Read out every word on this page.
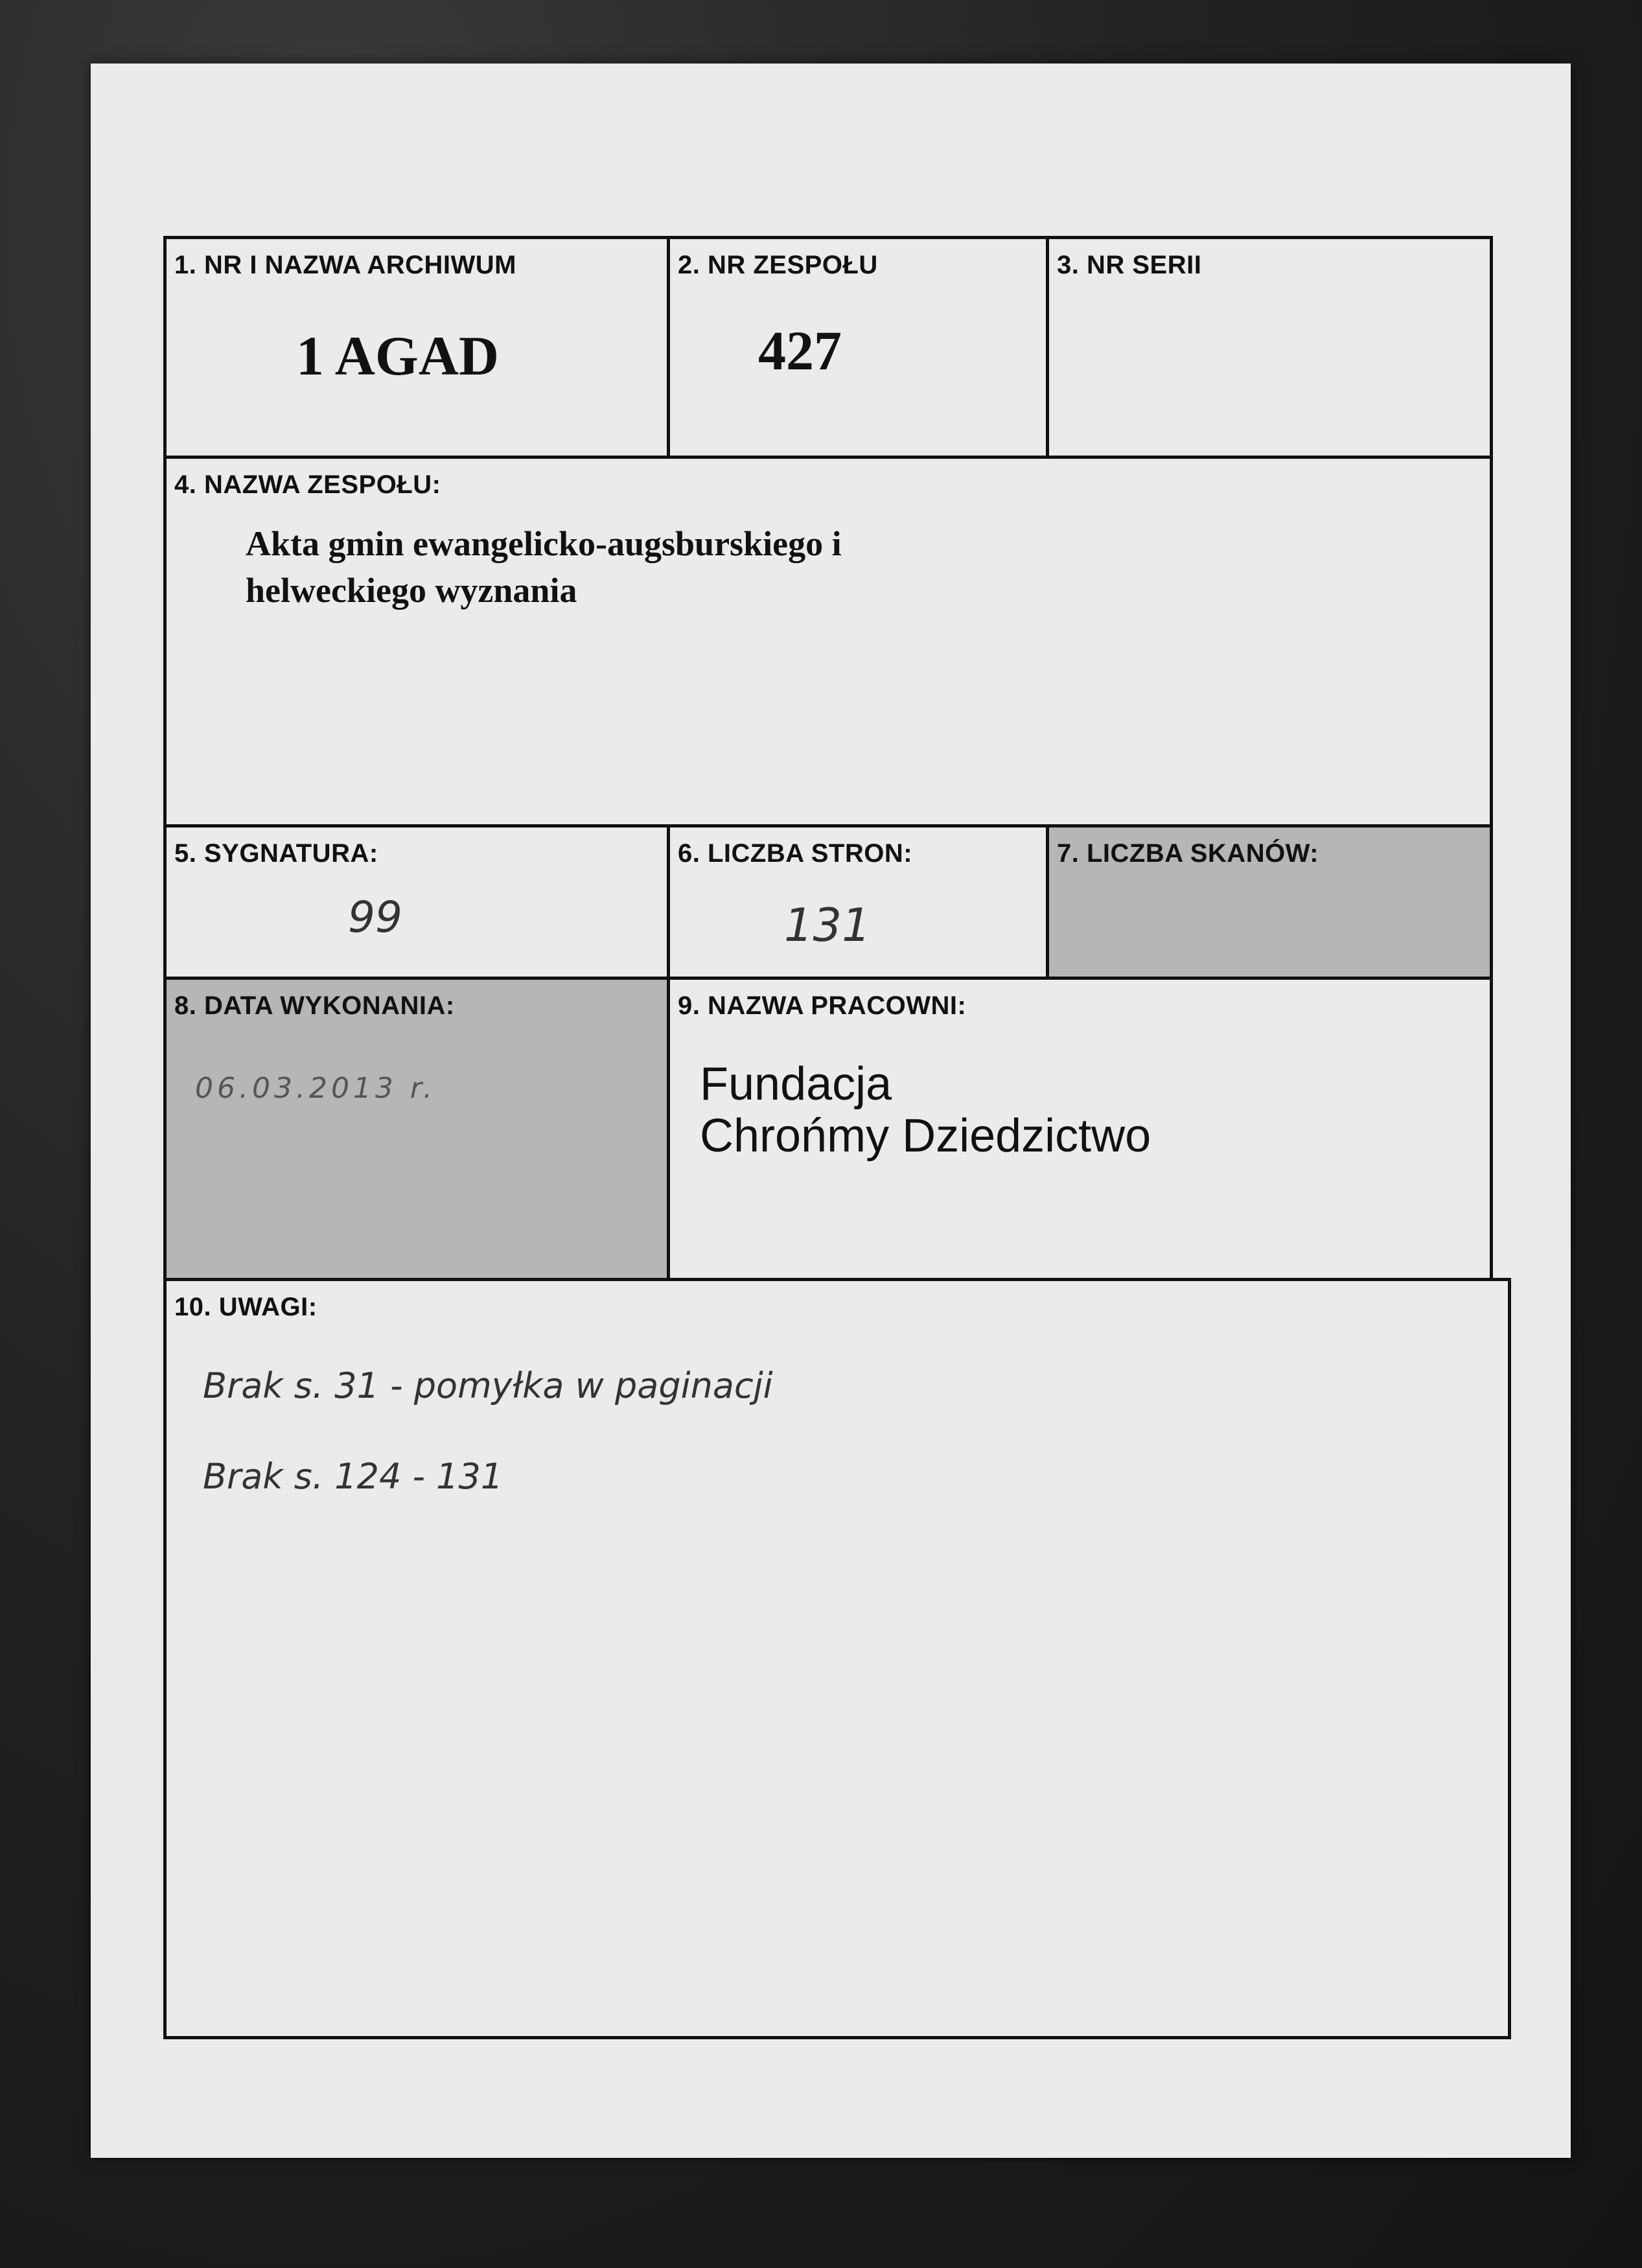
1. NR I NAZWA ARCHIWUM
1 AGAD
2. NR ZESPOŁU
427
3. NR SERII
4. NAZWA ZESPOŁU:
Akta gmin ewangelicko-augsburskiego i
helweckiego wyznania
5. SYGNATURA:
99
6. LICZBA STRON:
131
7. LICZBA SKANÓW:
8. DATA WYKONANIA:
06.03.2013 r.
9. NAZWA PRACOWNI:
Fundacja
Chrońmy Dziedzictwo
10. UWAGI:
Brak s. 31 - pomyłka w paginacji
Brak s. 124 - 131
